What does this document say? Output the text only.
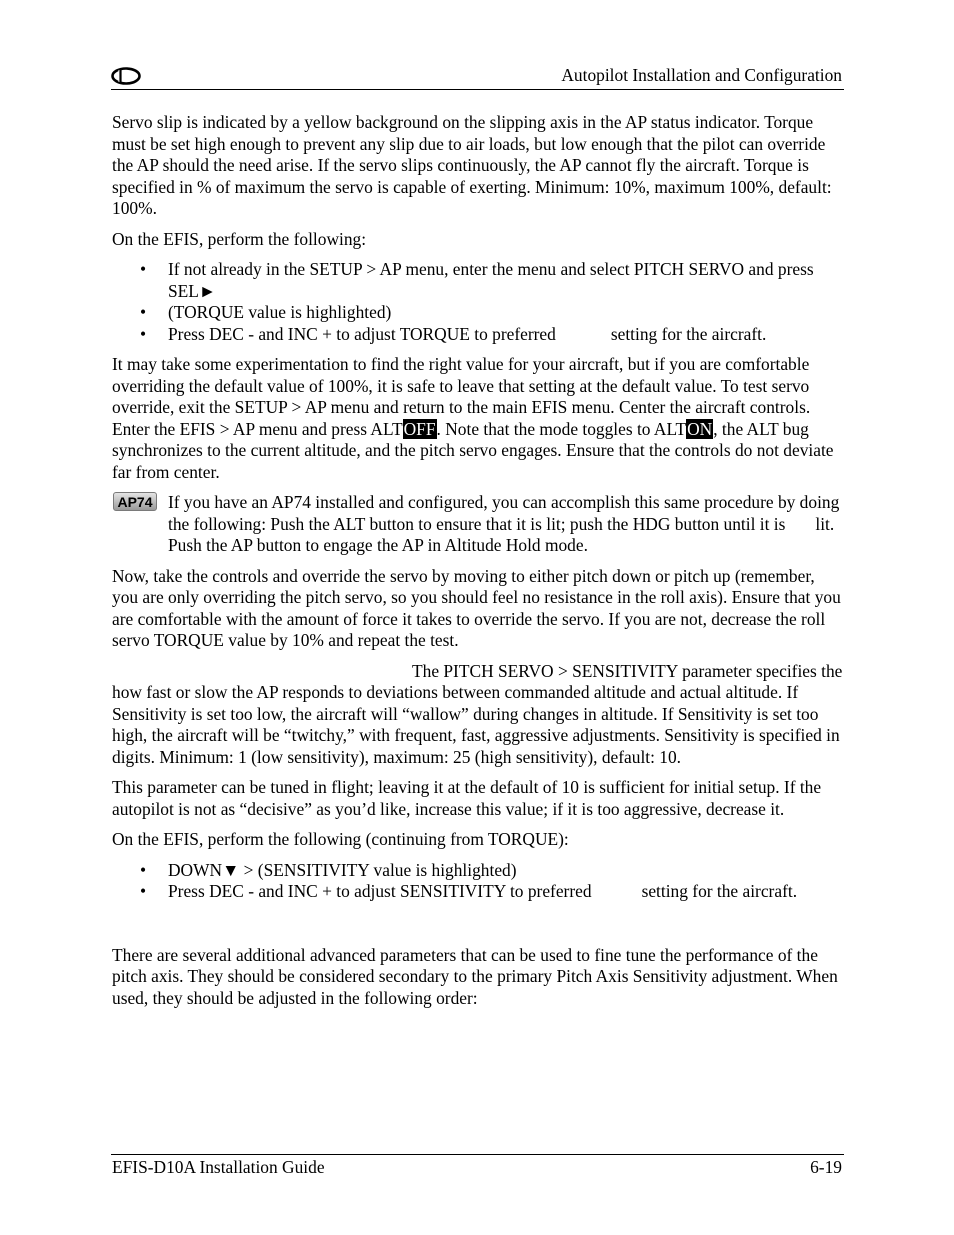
Autopilot Installation and Configuration

Servo slip is indicated by a yellow background on the slipping axis in the AP status indicator. Torque must be set high enough to prevent any slip due to air loads, but low enough that the pilot can override the AP should the need arise. If the servo slips continuously, the AP cannot fly the aircraft. Torque is specified in % of maximum the servo is capable of exerting. Minimum: 10%, maximum 100%, default: 100%.

On the EFIS, perform the following:

• If not already in the SETUP > AP menu, enter the menu and select PITCH SERVO and press SEL►
• (TORQUE value is highlighted)
• Press DEC - and INC + to adjust TORQUE to preferred	setting for the aircraft.

It may take some experimentation to find the right value for your aircraft, but if you are comfortable overriding the default value of 100%, it is safe to leave that setting at the default value. To test servo override, exit the SETUP > AP menu and return to the main EFIS menu. Center the aircraft controls. Enter the EFIS > AP menu and press ALTOFF. Note that the mode toggles to ALTON, the ALT bug synchronizes to the current altitude, and the pitch servo engages. Ensure that the controls do not deviate far from center.

AP74 If you have an AP74 installed and configured, you can accomplish this same procedure by doing the following: Push the ALT button to ensure that it is lit; push the HDG button until it is lit. Push the AP button to engage the AP in Altitude Hold mode.

Now, take the controls and override the servo by moving to either pitch down or pitch up (remember, you are only overriding the pitch servo, so you should feel no resistance in the roll axis). Ensure that you are comfortable with the amount of force it takes to override the servo. If you are not, decrease the roll servo TORQUE value by 10% and repeat the test.

The PITCH SERVO > SENSITIVITY parameter specifies the how fast or slow the AP responds to deviations between commanded altitude and actual altitude. If Sensitivity is set too low, the aircraft will “wallow” during changes in altitude. If Sensitivity is set too high, the aircraft will be “twitchy,” with frequent, fast, aggressive adjustments. Sensitivity is specified in digits. Minimum: 1 (low sensitivity), maximum: 25 (high sensitivity), default: 10.

This parameter can be tuned in flight; leaving it at the default of 10 is sufficient for initial setup. If the autopilot is not as “decisive” as you’d like, increase this value; if it is too aggressive, decrease it.

On the EFIS, perform the following (continuing from TORQUE):

• DOWN▼ > (SENSITIVITY value is highlighted)
• Press DEC - and INC + to adjust SENSITIVITY to preferred	setting for the aircraft.

There are several additional advanced parameters that can be used to fine tune the performance of the pitch axis. They should be considered secondary to the primary Pitch Axis Sensitivity adjustment. When used, they should be adjusted in the following order:

EFIS-D10A Installation Guide	6-19
